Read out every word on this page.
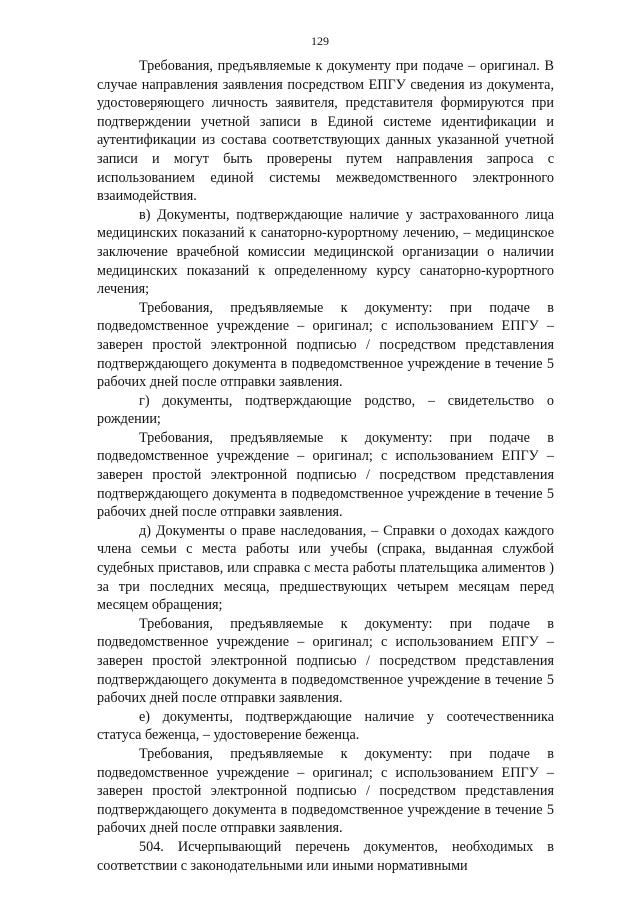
129

Требования, предъявляемые к документу при подаче – оригинал. В случае направления заявления посредством ЕПГУ сведения из документа, удостоверяющего личность заявителя, представителя формируются при подтверждении учетной записи в Единой системе идентификации и аутентификации из состава соответствующих данных указанной учетной записи и могут быть проверены путем направления запроса с использованием единой системы межведомственного электронного взаимодействия.

в) Документы, подтверждающие наличие у застрахованного лица медицинских показаний к санаторно-курортному лечению, – медицинское заключение врачебной комиссии медицинской организации о наличии медицинских показаний к определенному курсу санаторно-курортного лечения;

Требования, предъявляемые к документу: при подаче в подведомственное учреждение – оригинал; с использованием ЕПГУ – заверен простой электронной подписью / посредством представления подтверждающего документа в подведомственное учреждение в течение 5 рабочих дней после отправки заявления.

г) документы, подтверждающие родство, – свидетельство о рождении;

Требования, предъявляемые к документу: при подаче в подведомственное учреждение – оригинал; с использованием ЕПГУ – заверен простой электронной подписью / посредством представления подтверждающего документа в подведомственное учреждение в течение 5 рабочих дней после отправки заявления.

д) Документы о праве наследования, – Справки о доходах каждого члена семьи с места работы или учебы (спрака, выданная службой судебных приставов, или справка с места работы плательщика алиментов ) за три последних месяца, предшествующих четырем месяцам перед месяцем обращения;

Требования, предъявляемые к документу: при подаче в подведомственное учреждение – оригинал; с использованием ЕПГУ – заверен простой электронной подписью / посредством представления подтверждающего документа в подведомственное учреждение в течение 5 рабочих дней после отправки заявления.

е) документы, подтверждающие наличие у соотечественника статуса беженца, – удостоверение беженца.

Требования, предъявляемые к документу: при подаче в подведомственное учреждение – оригинал; с использованием ЕПГУ – заверен простой электронной подписью / посредством представления подтверждающего документа в подведомственное учреждение в течение 5 рабочих дней после отправки заявления.

504. Исчерпывающий перечень документов, необходимых в соответствии с законодательными или иными нормативными
